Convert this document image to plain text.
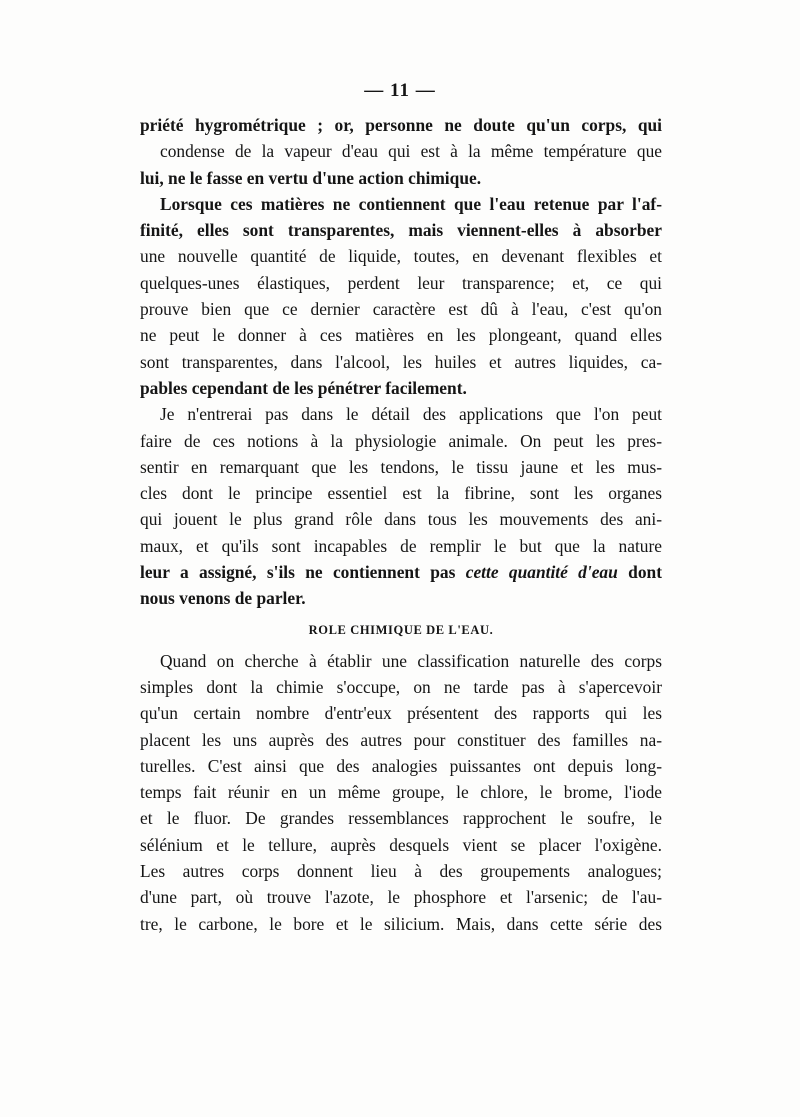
— 11 —
priété hygrométrique ; or, personne ne doute qu'un corps, qui
condense de la vapeur d'eau qui est à la même température que
lui, ne le fasse en vertu d'une action chimique.
Lorsque ces matières ne contiennent que l'eau retenue par l'af-
finité, elles sont transparentes, mais viennent-elles à absorber
une nouvelle quantité de liquide, toutes, en devenant flexibles et
quelques-unes élastiques, perdent leur transparence; et, ce qui
prouve bien que ce dernier caractère est dû à l'eau, c'est qu'on
ne peut le donner à ces matières en les plongeant, quand elles
sont transparentes, dans l'alcool, les huiles et autres liquides, ca-
pables cependant de les pénétrer facilement.
Je n'entrerai pas dans le détail des applications que l'on peut
faire de ces notions à la physiologie animale. On peut les pres-
sentir en remarquant que les tendons, le tissu jaune et les mus-
cles dont le principe essentiel est la fibrine, sont les organes
qui jouent le plus grand rôle dans tous les mouvements des ani-
maux, et qu'ils sont incapables de remplir le but que la nature
leur a assigné, s'ils ne contiennent pas cette quantité d'eau dont
nous venons de parler.
ROLE CHIMIQUE DE L'EAU.
Quand on cherche à établir une classification naturelle des corps
simples dont la chimie s'occupe, on ne tarde pas à s'apercevoir
qu'un certain nombre d'entr'eux présentent des rapports qui les
placent les uns auprès des autres pour constituer des familles na-
turelles. C'est ainsi que des analogies puissantes ont depuis long-
temps fait réunir en un même groupe, le chlore, le brome, l'iode
et le fluor. De grandes ressemblances rapprochent le soufre, le
sélénium et le tellure, auprès desquels vient se placer l'oxigène.
Les autres corps donnent lieu à des groupements analogues;
d'une part, où trouve l'azote, le phosphore et l'arsenic; de l'au-
tre, le carbone, le bore et le silicium. Mais, dans cette série des
